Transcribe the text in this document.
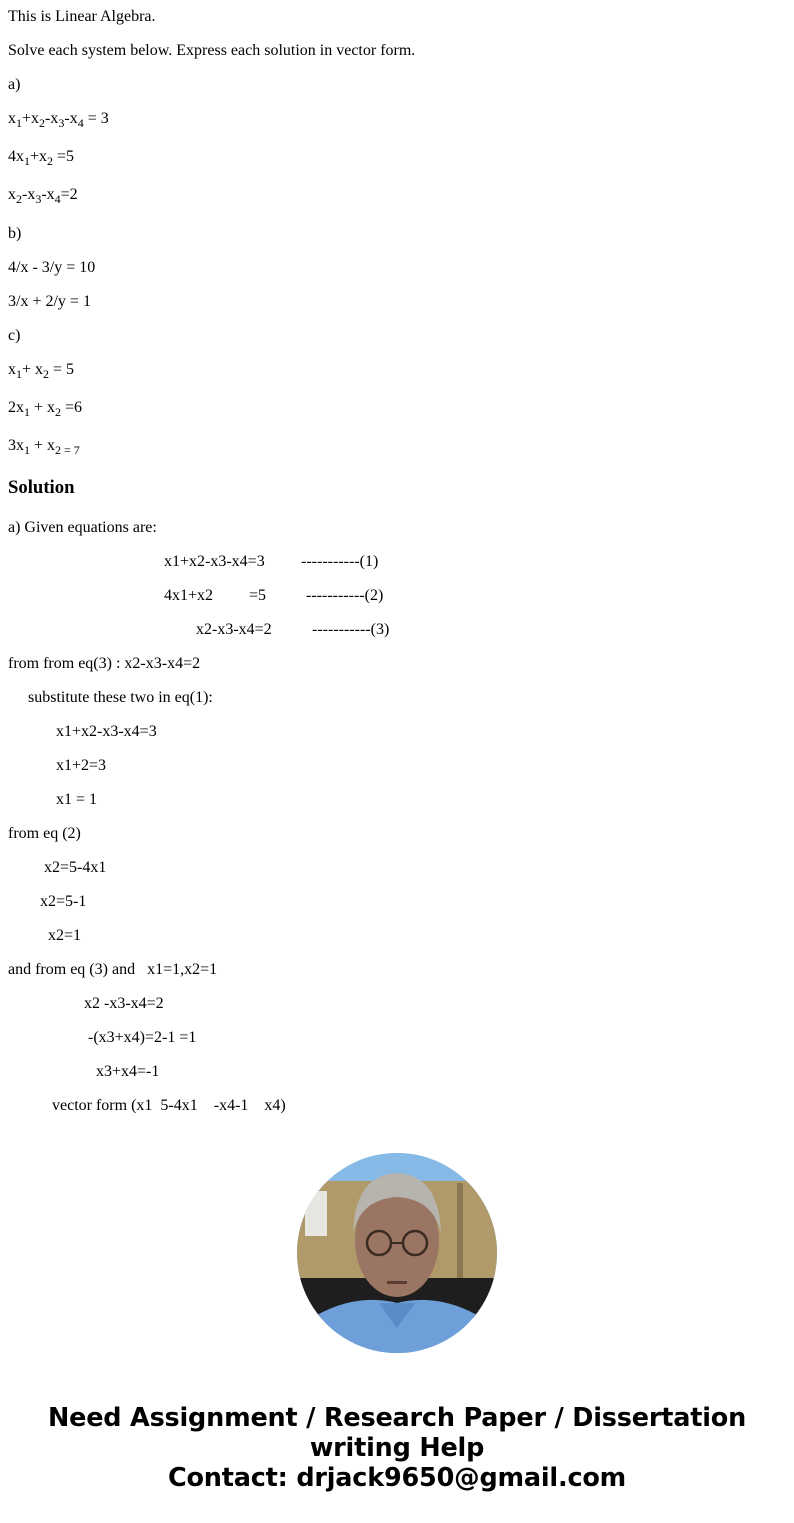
This is Linear Algebra.
Solve each system below. Express each solution in vector form.
a)
$x_1+x_2-x_3-x_4 = 3$
$4x_1+x_2 =5$
$x_2-x_3-x_4=2$
b)
4/x - 3/y = 10
3/x + 2/y = 1
c)
$x_1+ x_2 = 5$
$2x_1 + x_2 =6$
$3x_1 + x_{2 = 7}$
Solution
a) Given equations are:
x1+x2-x3-x4=3 -----------(1)
4x1+x2         =5 -----------(2)
x2-x3-x4=2	-----------(3)
from from eq(3) : x2-x3-x4=2
substitute these two in eq(1):
x1+x2-x3-x4=3
x1+2=3
x1 = 1
from eq (2)
x2=5-4x1
x2=5-1
x2=1
and from eq (3) and   x1=1,x2=1
x2 -x3-x4=2
-(x3+x4)=2-1 =1
x3+x4=-1
vector form (x1  5-4x1    -x4-1    x4)
Need Assignment / Research Paper / Dissertation
writing Help
Contact: drjack9650@gmail.com
